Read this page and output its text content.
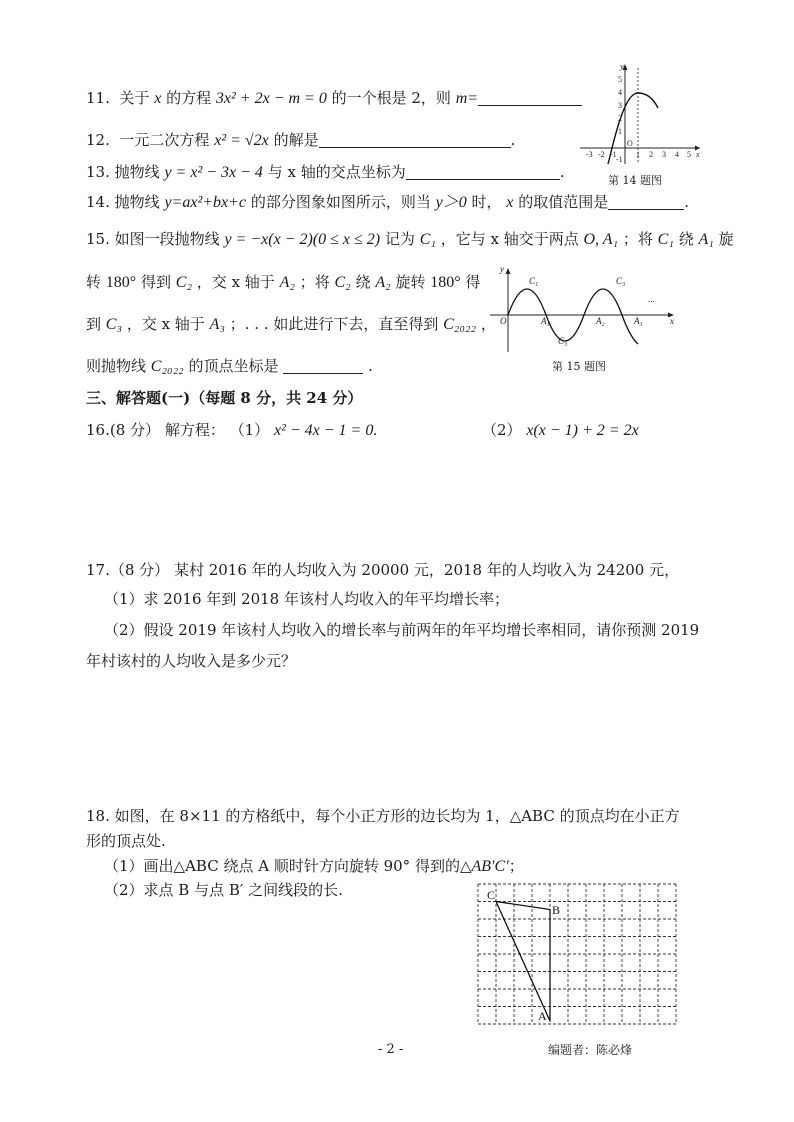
11. 关于 x 的方程 3x² + 2x − m = 0 的一个根是 2，则 m=
12. 一元二次方程 x² = √2x 的解是	.
13. 抛物线 y = x² − 3x − 4 与 x 轴的交点坐标为	.
-3 -2 -1 1 2 3 4 5
5
4
3
2
1
-1
O
x
y
第 14 题图
14. 抛物线 y=ax²+bx+c 的部分图象如图所示，则当 y＞0 时， x 的取值范围是	.
15. 如图一段抛物线 y = −x(x − 2)(0 ≤ x ≤ 2) 记为 C₁ ，它与 x 轴交于两点 O, A₁ ；将 C₁ 绕 A₁ 旋
转 180° 得到 C₂ ，交 x 轴于 A₂ ；将 C₂ 绕 A₂ 旋转 180° 得
到 C₃ ，交 x 轴于 A₃ ；. . . 如此进行下去，直至得到 C₂₀₂₂ ，
则抛物线 C₂₀₂₂ 的顶点坐标是	.
y
x
O
C₁
C₃
C₃
A₁	A₂	A₃
...
第 15 题图
三、解答题(一)（每题 8 分，共 24 分）
16.(8 分） 解方程： （1） x² − 4x − 1 = 0.	（2） x(x − 1) + 2 = 2x
17.（8 分） 某村 2016 年的人均收入为 20000 元，2018 年的人均收入为 24200 元，
（1）求 2016 年到 2018 年该村人均收入的年平均增长率；
（2）假设 2019 年该村人均收入的增长率与前两年的年平均增长率相同，请你预测 2019
年村该村的人均收入是多少元？
18. 如图，在 8×11 的方格纸中，每个小正方形的边长均为 1，△ABC 的顶点均在小正方
形的顶点处.
（1）画出△ABC 绕点 A 顺时针方向旋转 90° 得到的△AB′C′；
（2）求点 B 与点 B′ 之间线段的长.	C
B
A
- 2 -	编题者：陈必烽
